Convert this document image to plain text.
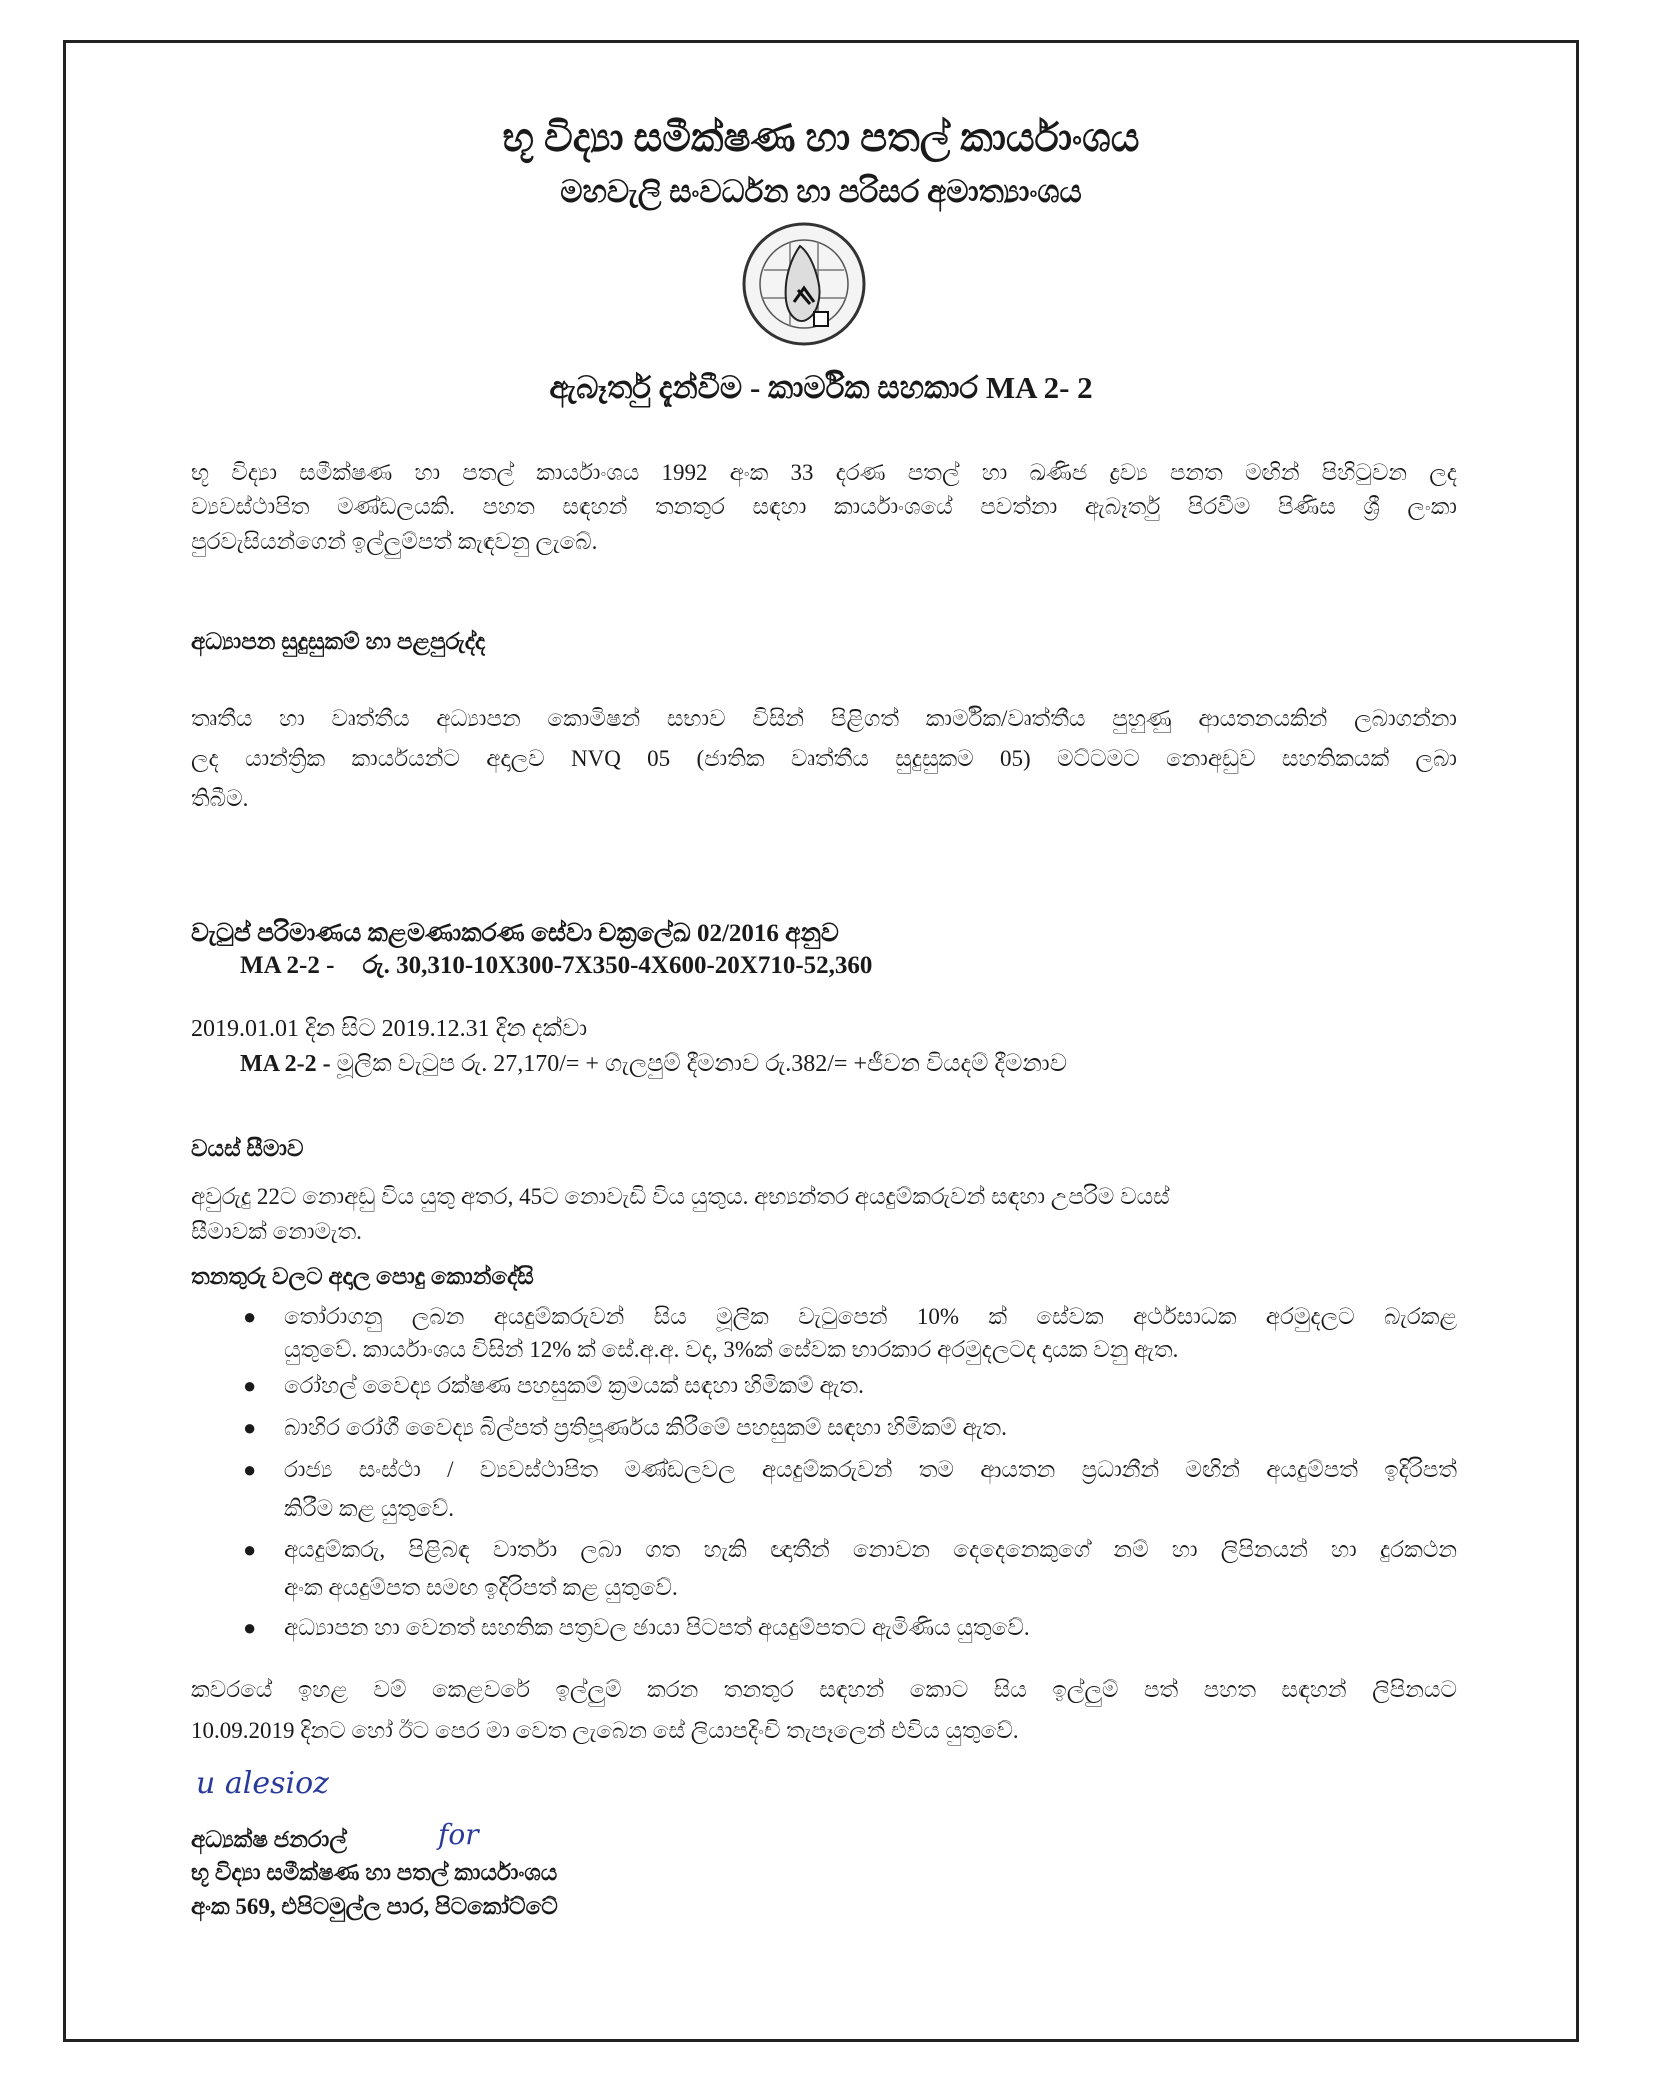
භූ විද්‍යා සමීක්ෂණ හා පතල් කාර්යාංශය
මහවැලි සංවර්ධන හා පරිසර අමාත්‍යාංශය
ඇබෑර්තු දැන්වීම - කාර්මික සහකාර MA 2- 2
භූ විද්‍යා සමීක්ෂණ හා පතල් කාර්යාංශය 1992 අංක 33 දරණ පතල් හා ඛණිජ ද්‍රව්‍ය පනත මඟින් පිහිටුවන ලද
ව්‍යවස්ථාපිත මණ්ඩලයකි. පහත සඳහන් තනතුර සඳහා කාර්යාංශයේ පවත්නා ඇබෑර්තු පිරවීම පිණිස ශ්‍රී ලංකා
පුරවැසියන්ගෙන් ඉල්ලුම්පත් කැඳවනු ලැබේ.
අධ්‍යාපන සුදුසුකම් හා පළපුරුද්ද
තෘතීය හා වෘත්තීය අධ්‍යාපන කොමිෂන් සභාව විසින් පිළිගත් කාර්මික/වෘත්තීය පුහුණු ආයතනයකින් ලබාගන්නා
ලද යාන්ත්‍රික කාර්යයන්ට අදාලව NVQ 05 (ජාතික වෘත්තීය සුදුසුකම 05) මට්ටමට නොඅඩුව සහතිකයක් ලබා
තිබීම.
වැටුප් පරිමාණය කළමණාකරණ සේවා චක්‍රලේඛ 02/2016 අනුව
MA 2-2 - රු. 30,310-10X300-7X350-4X600-20X710-52,360
2019.01.01 දින සිට 2019.12.31 දින දක්වා
MA 2-2 - මූලික වැටුප රු. 27,170/= + ගැලපුම් දීමනාව රු.382/= +ජීවන වියදම් දීමනාව
වයස් සීමාව
අවුරුදු 22ට නොඅඩු විය යුතු අතර, 45ට නොවැඩි විය යුතුය. අභ්‍යන්තර අයදුම්කරුවන් සඳහා උපරිම වයස්
සීමාවක් නොමැත.
තනතුරු වලට අදාල පොදු කොන්දේසි
● තෝරාගනු ලබන අයදුම්කරුවන් සිය මූලික වැටුපෙන් 10% ක් සේවක අර්ථසාධක අරමුදලට බැරකළ
යුතුවේ. කාර්යාංශය විසින් 12% ක් සේ.අ.අ. වද, 3%ක් සේවක භාරකාර අරමුදලටද දායක වනු ඇත.
● රෝහල් වෛද්‍ය රක්ෂණ පහසුකම් ක්‍රමයක් සඳහා හිමිකම් ඇත.
● බාහිර රෝගී වෛද්‍ය බිල්පත් ප්‍රතිපූර්ණය කිරීමේ පහසුකම් සඳහා හිමිකම් ඇත.
● රාජ්‍ය සංස්ථා / ව්‍යවස්ථාපිත මණ්ඩලවල අයදුම්කරුවන් තම ආයතන ප්‍රධානීන් මඟින් අයදුම්පත් ඉදිරිපත්
කිරීම කළ යුතුවේ.
● අයදුම්කරු, පිළිබඳ වාර්තා ලබා ගත හැකි ඥාතීන් නොවන දෙදෙනෙකුගේ නම් හා ලිපිනයන් හා දුරකථන
අංක අයදුම්පත සමඟ ඉදිරිපත් කළ යුතුවේ.
● අධ්‍යාපන හා වෙනත් සහතික පත්‍රවල ඡායා පිටපත් අයදුම්පතට ඇමිණිය යුතුවේ.
කවරයේ ඉහළ වම් කෙළවරේ ඉල්ලුම් කරන තනතුර සඳහන් කොට සිය ඉල්ලුම් පත් පහත සඳහන් ලිපිනයට
10.09.2019 දිනට හෝ ඊට පෙර මා වෙත ලැබෙන සේ ලියාපදිංචි තැපෑලෙන් එවිය යුතුවේ.
u alesioz
අධ්‍යක්ෂ ජනරාල්	for
භූ විද්‍යා සමීක්ෂණ හා පතල් කාර්යාංශය
අංක 569, එපිටමුල්ල පාර, පිටකෝට්ටේ
